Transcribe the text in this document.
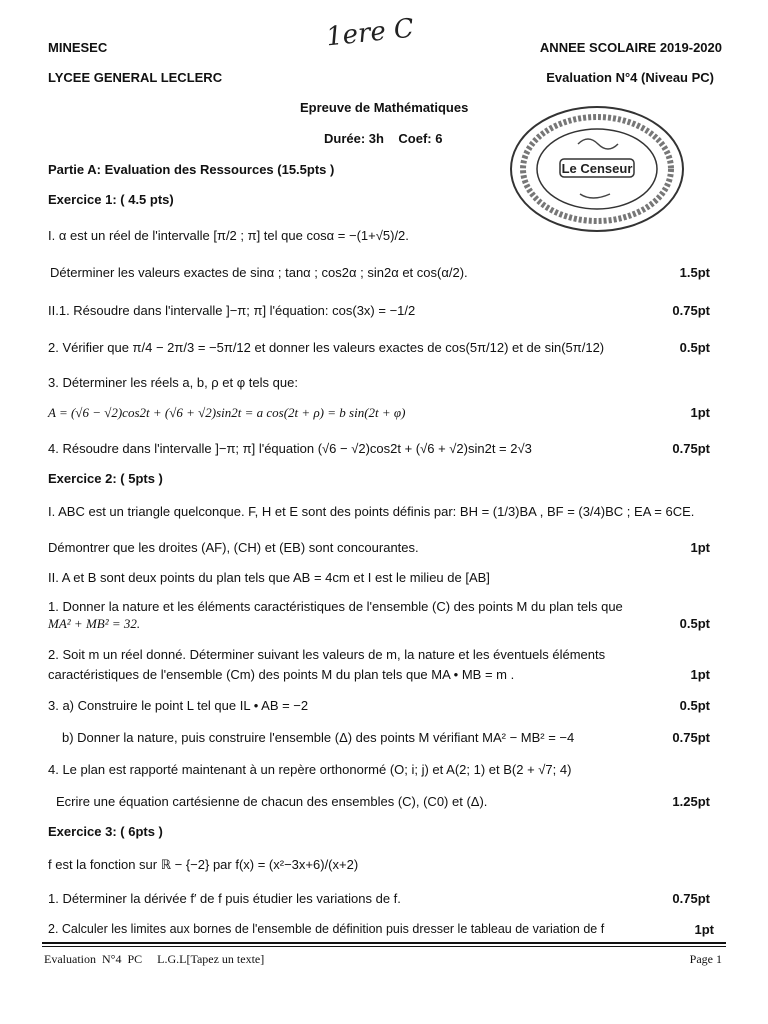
1ere C
MINESEC
LYCEE GENERAL LECLERC
ANNEE SCOLAIRE 2019-2020
Evaluation N°4 (Niveau PC)
Epreuve de Mathématiques
Durée: 3h    Coef: 6
Le Censeur
Partie A: Evaluation des Ressources (15.5pts )
Exercice 1: ( 4.5 pts)
I. α est un réel de l'intervalle [π/2 ; π] tel que cosα = −(1+√5)/2.
Déterminer les valeurs exactes de sinα ; tanα ; cos2α ; sin2α et cos(α/2).	1.5pt
II.1. Résoudre dans l'intervalle ]−π; π] l'équation: cos(3x) = −1/2	0.75pt
2. Vérifier que π/4 − 2π/3 = −5π/12 et donner les valeurs exactes de cos(5π/12) et de sin(5π/12)	0.5pt
3. Déterminer les réels a, b, ρ et φ tels que:
A = (√6 − √2)cos2t + (√6 + √2)sin2t = a cos(2t + ρ) = b sin(2t + φ)	1pt
4. Résoudre dans l'intervalle ]−π; π] l'équation (√6 − √2)cos2t + (√6 + √2)sin2t = 2√3	0.75pt
Exercice 2: ( 5pts )
I. ABC est un triangle quelconque. F, H et E sont des points définis par: BH = (1/3)BA , BF = (3/4)BC ; EA = 6CE.
Démontrer que les droites (AF), (CH) et (EB) sont concourantes.	1pt
II. A et B sont deux points du plan tels que AB = 4cm et I est le milieu de [AB]
1. Donner la nature et les éléments caractéristiques de l'ensemble (C) des points M du plan tels que
MA² + MB² = 32.	0.5pt
2. Soit m un réel donné. Déterminer suivant les valeurs de m, la nature et les éventuels éléments
caractéristiques de l'ensemble (Cm) des points M du plan tels que MA • MB = m .	1pt
3. a) Construire le point L tel que IL • AB = −2	0.5pt
b) Donner la nature, puis construire l'ensemble (Δ) des points M vérifiant MA² − MB² = −4	0.75pt
4. Le plan est rapporté maintenant à un repère orthonormé (O; i; j) et A(2; 1) et B(2 + √7; 4)
Ecrire une équation cartésienne de chacun des ensembles (C), (C0) et (Δ).	1.25pt
Exercice 3: ( 6pts )
f est la fonction sur ℝ − {−2} par f(x) = (x²−3x+6)/(x+2)
1. Déterminer la dérivée f′ de f puis étudier les variations de f.	0.75pt
2. Calculer les limites aux bornes de l'ensemble de définition puis dresser le tableau de variation de f	1pt
Evaluation  N°4  PC     L.G.L[Tapez un texte]	Page 1
